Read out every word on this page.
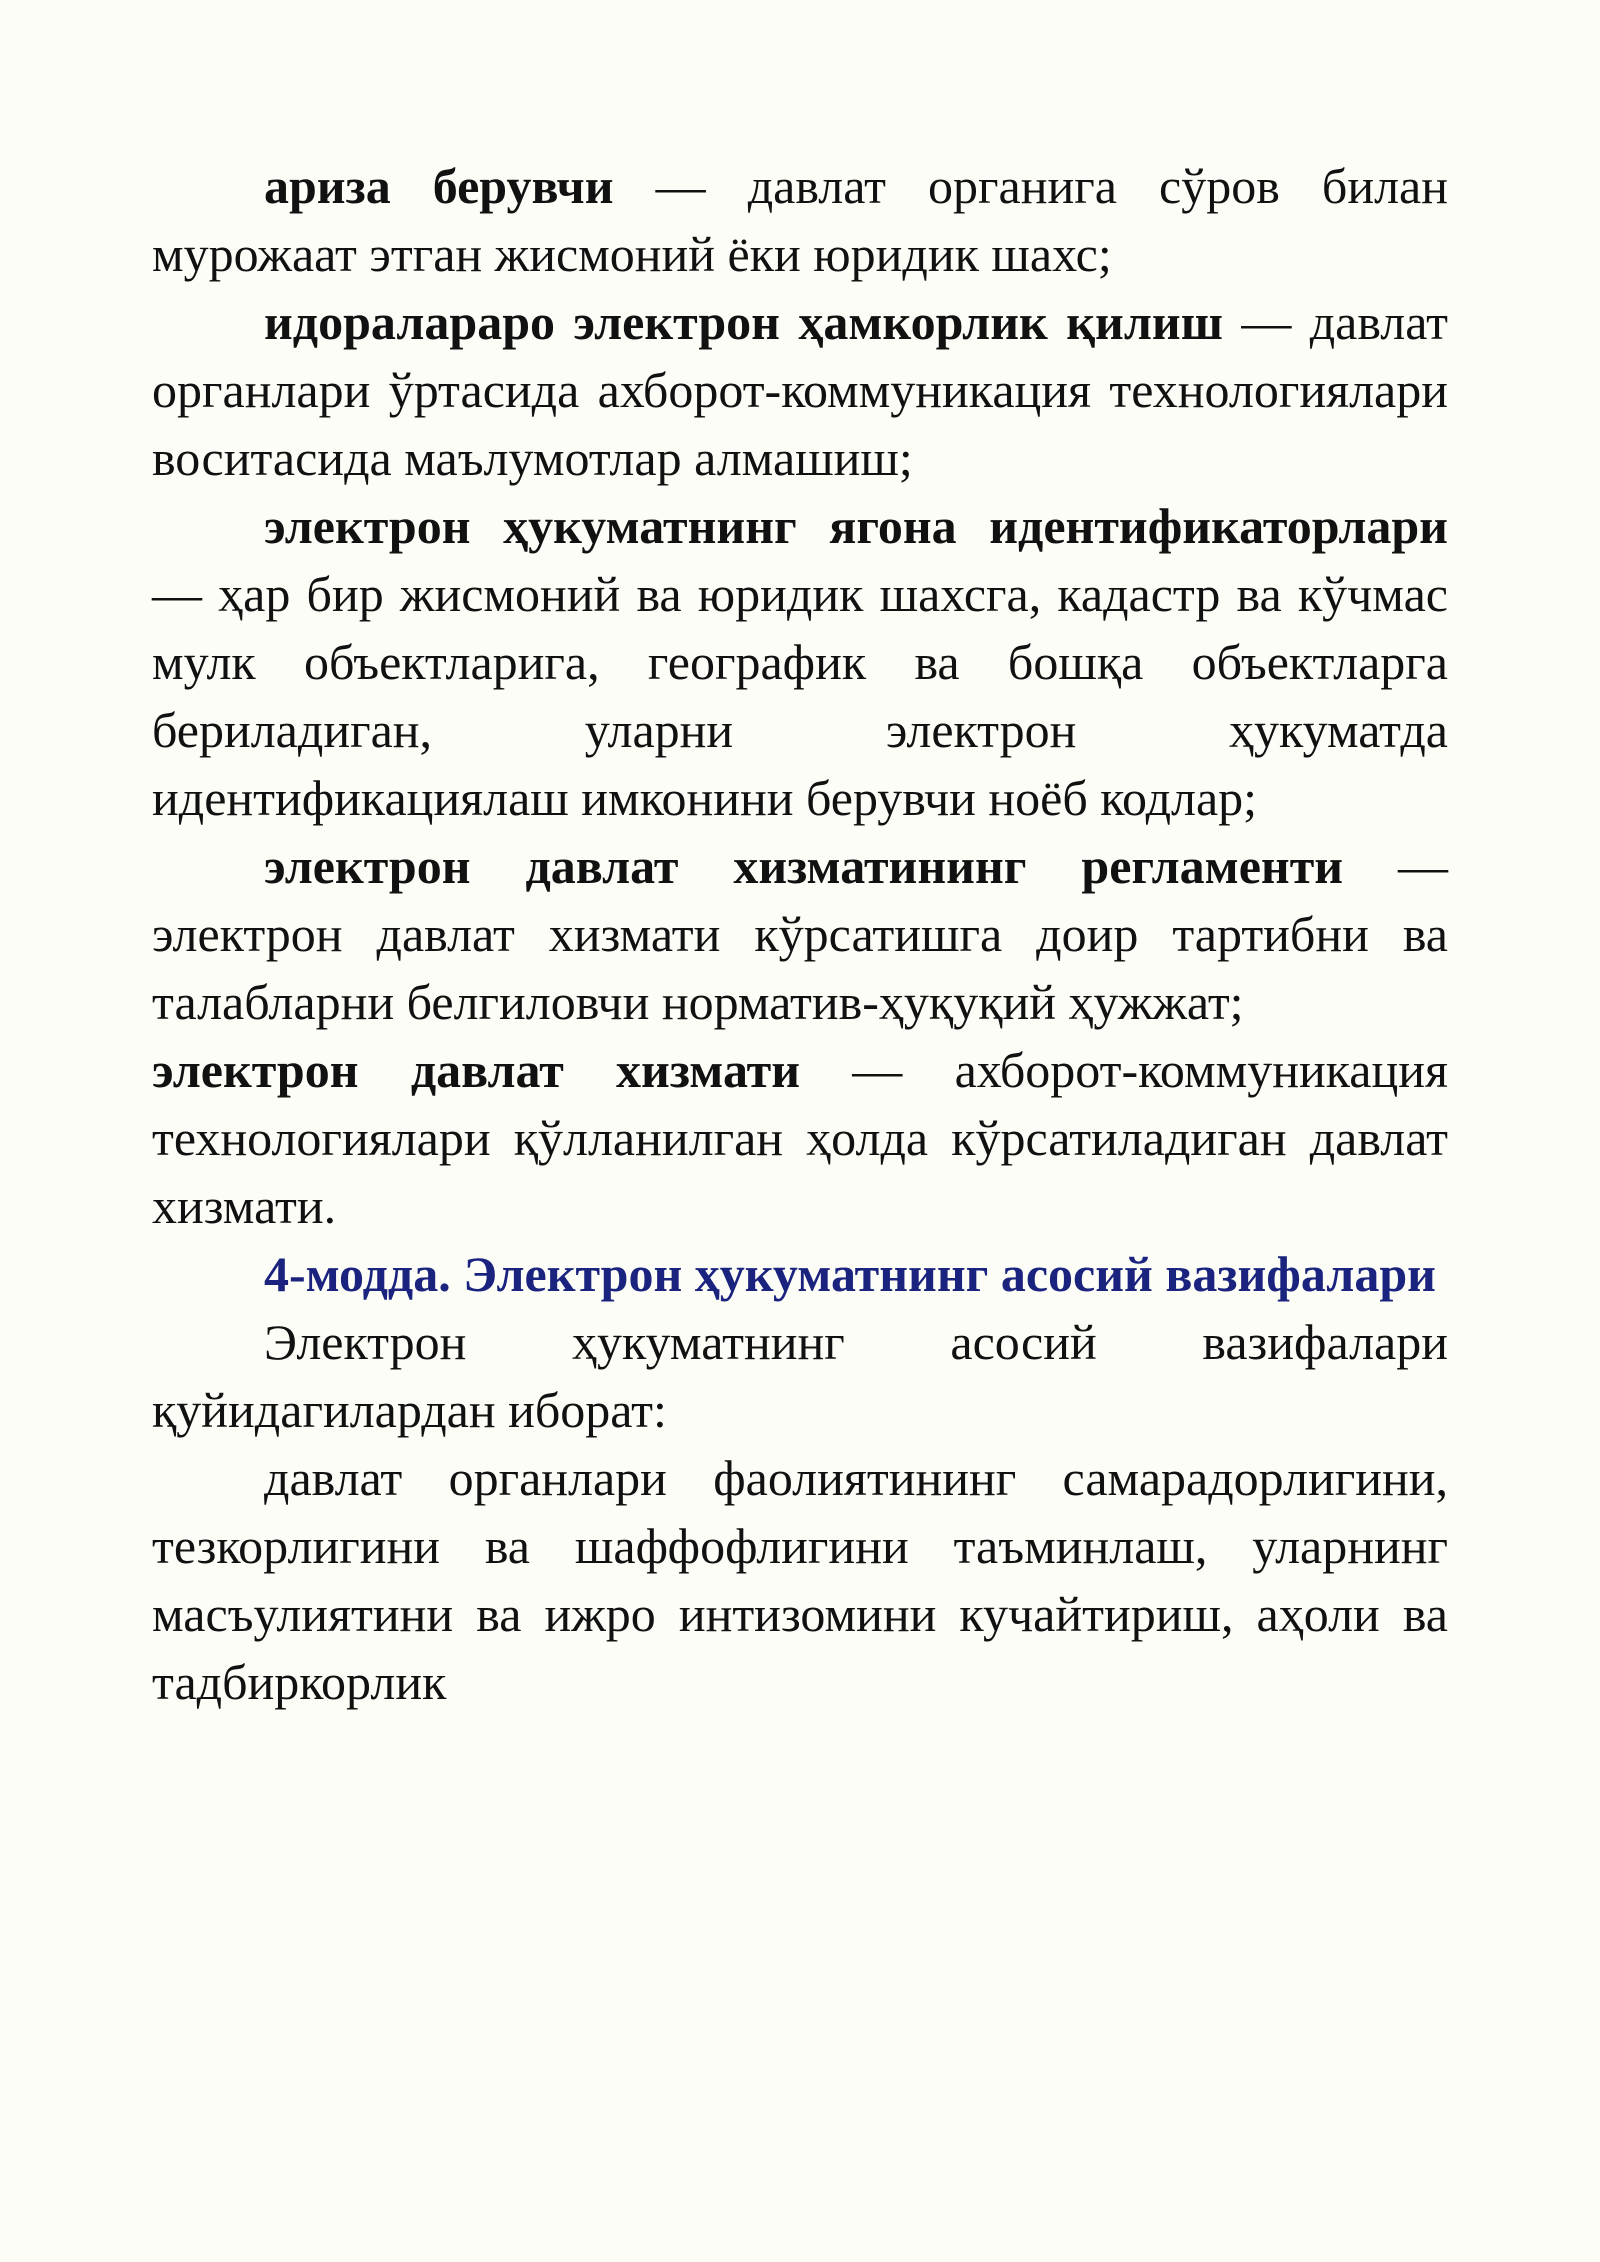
ариза берувчи — давлат органига сўров билан мурожаат этган жисмоний ёки юридик шахс;

идораларaро электрон ҳамкорлик қилиш — давлат органлари ўртасида ахборот-коммуникация технологиялари воситасида маълумотлар алмашиш;

электрон ҳукуматнинг ягона идентификаторлари — ҳар бир жисмоний ва юридик шахсга, кадастр ва кўчмас мулк объектларига, географик ва бошқа объектларга бериладиган, уларни электрон ҳукуматда идентификациялаш имконини берувчи ноёб кодлар;

электрон давлат хизматининг регламенти — электрон давлат хизмати кўрсатишга доир тартибни ва талабларни белгиловчи норматив-ҳуқуқий ҳужжат;

электрон давлат хизмати — ахборот-коммуникация технологиялари қўлланилган ҳолда кўрсатиладиган давлат хизмати.

4-модда. Электрон ҳукуматнинг асосий вазифалари

Электрон ҳукуматнинг асосий вазифалари қуйидагилардан иборат:

давлат органлари фаолиятининг самарадорлигини, тезкорлигини ва шаффофлигини таъминлаш, уларнинг масъулиятини ва ижро интизомини кучайтириш, аҳоли ва тадбиркорлик
